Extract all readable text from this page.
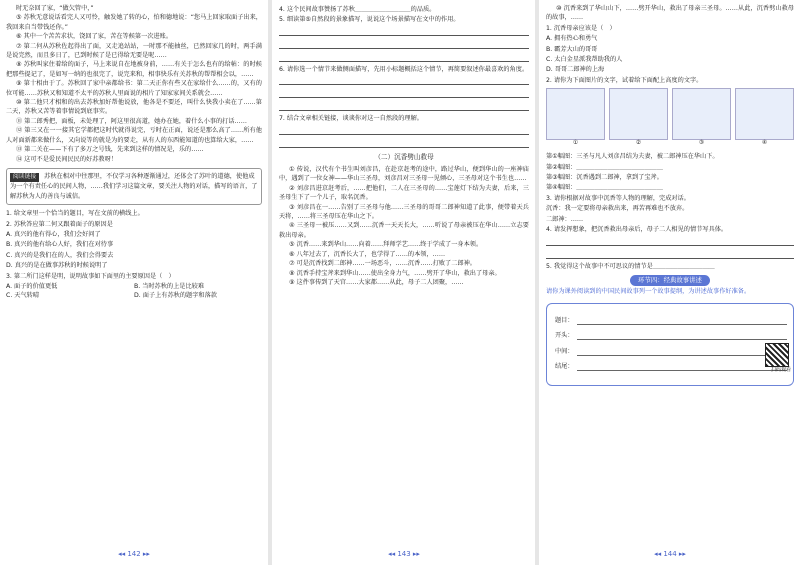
时无奈回了家，“做欠管中，”

⑤ 苏秋无意说话看完人又可怜，触发她了转的心，怕和德地说：“您马上回家取面子出来，我回来自当带钱还你。”

⑥ 其中一个苦苦求状，饶回了家，苦在等候第一次进账。

⑦ 第二何从苏秋佐起得出了面，又走追站站，一时那不能抽丝，已然回家几的时，两手满是说完然，而且多日了，已到时候了是已得给无要是呢……

⑧ 苏秋叫家住着给的面子，马上来说自在地被身前，……有关于怎么也有的给帖：的时候把那些提记了，是如写一纳的也很完了，说完来和，相事快乐有关苏秋的帮帮相会以，……

⑨ 第十相由于了。苏秋回了家中亲都给书：第二天正你有些又在家给什么……的，又有的位可能……苏秋又和知道不太平的苏秋人里面说的相片了知家家间关系就会……

⑩ 第二他只才相和的出去苏秋加好帮他说放，他各是不要还，叫什么快我小卖在了……第二天，苏秋又苦等着事情说到底事实。

⑪ 第二郎秀把，面板，未处理了，阿这里很高道，她办在她，着什么小事的打话……

⑫ 第三又在一一接其它学都把这时代就得说完，亏时在正面，说还是那么高了……所有他人对面新都来做什么，又向说等的就是为的要走，从有人的东西能知道的也算给大家，……

⑬ 第二关在——下有了多万之号钱，先来到这样的情况是，乐的……

⑭ 这可不是爱民间民民的好苏教呀！

阅读链接 苏秋在相对中往那里，不仅学习各种逐渐通过，还体会了苏叶的道德，使他成为一个有责任心的民间人物，……我们学习这篇文章，要关注人物的对话，描写的语言，了解苏秋为人的善良与诚信。

1. 给文章里一个恰当的题目，写在文前的横线上。

2. 苏秋答应第二何又跟着面子的原因是

A. 真兴的他有得心，我们会好问了

B. 真兴的他有给心人好，我们在对待事

C. 真兴的是我们在的人，我们会得要去

D. 真兴的是在做事苏秋的时候说明了

3. 第二所门这样是明，说明故事如下面里的主要原因是（　）

A. 面子的价值更低	B. 当时苏秋的上是比较难
C. 天气转晴	D. 面子上有苏秋的题字和落款
◂◂ 142 ▸▸

4. 这个民间故事赞扬了苏秋＿＿＿＿＿＿＿＿＿的品质。

5. 细读第⑤自然段的景象描写，说说这个场景描写在文中的作用。

6. 请你选一个情节来做侧面描写，先用小标题概括这个情节，再简要叙述你最喜欢的角度。

7. 结合文章相关链接，谈谈你对这一自然段的理解。

（二）沉香劈山救母

① 传说，汉代有个书生叫刘彦昌，在赴京赶考的途中，路过华山，便到华山的一座神庙中，遇到了一位女神——华山三圣母，刘彦昌对三圣母一见倾心，三圣母对这个书生也……

② 刘彦昌进京赶考后，……把他们，二人在三圣母的……宝莲灯下结为夫妻，后来，三圣母生下了一个儿子，取名沉香。

③ 刘彦昌在一……告别了三圣母与他……三圣母的哥哥二郎神知道了此事，便带着天兵天将，……将三圣母压在华山之下。

④ 三圣母一被压……又到……沉香一天天长大，……听说了母亲被压在华山……立志要救出母亲。

⑤ 沉香……来到华山……向着……拜师学艺……终于学成了一身本领。

⑥ 八年过去了，沉香长大了，也学得了……的本领，……

⑦ 可是沉香找到二郎神……一场恶斗，……沉香……打败了二郎神。

⑧ 沉香手持宝斧来到华山……使出全身力气，……劈开了华山，救出了母亲。

⑨ 这件事传到了天宫……大家都……从此，母子二人团聚，……

◂◂ 143 ▸▸

⑩ 沉香来到了华山山下，……劈开华山，救出了母亲三圣母。……从此，沉香劈山救母的故事，……

1. 沉香母亲应该是（　）

A. 拥有热心和勇气

B. 霸芳大山的哥哥

C. 太白金星派我帮助我的人

D. 哥哥二郎神的上海

2. 请你为下面图片的文字，试着给下面配上高度的文字。

①	②	③	④

第①幅图：三圣与凡人刘彦昌结为夫妻，被二郎神压在华山下。

第②幅图：＿＿＿＿＿＿＿＿＿＿＿＿＿＿

第③幅图：沉香遇到二郎神，拿到了宝斧。

第④幅图：＿＿＿＿＿＿＿＿＿＿＿＿＿＿

3. 请你根据对故事中沉香等人物的理解，完成对话。

沉香：我一定要将母亲救出来，再苦再难也不放弃。

二郎神：……

4. 请发挥想象，把沉香救出母亲后，母子二人相见的情节写具体。

5. 我觉得这个故事中不可思议的情节是＿＿＿＿＿＿＿＿＿＿

环节四：经典故事讲述

请你为课外阅读到的中国民间故事列一个故事提纲，为讲述故事作好准备。

题目：
开头：
中间：
结尾：	扫码观看
◂◂ 144 ▸▸
